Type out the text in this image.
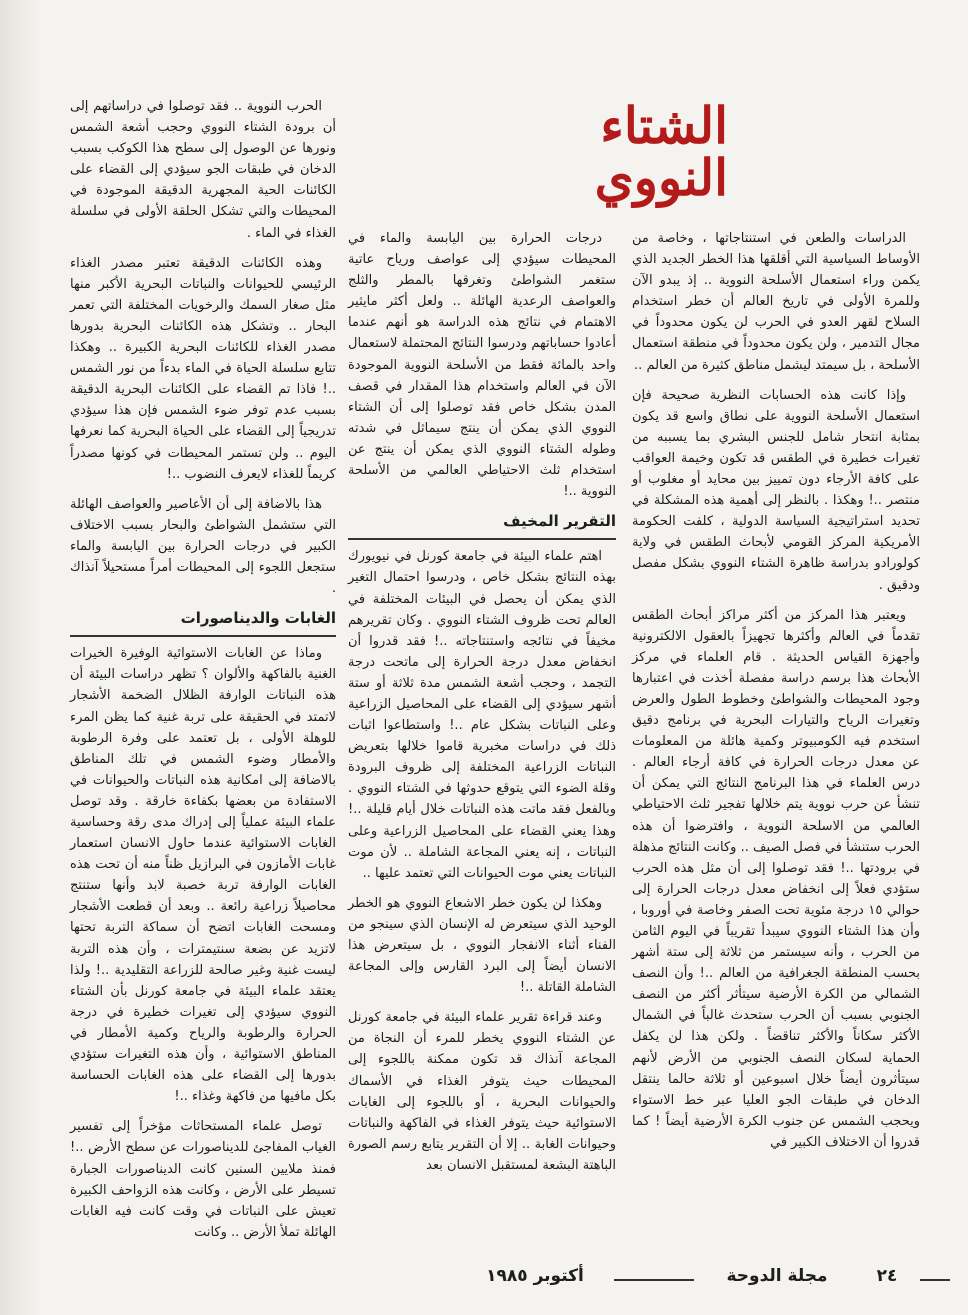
الشتاء
النووي

الدراسات والطعن في استنتاجاتها ، وخاصة من الأوساط السياسية التي أقلقها هذا الخطر الجديد الذي يكمن وراء استعمال الأسلحة النووية .. إذ يبدو الآن وللمرة الأولى في تاريخ العالم أن خطر استخدام السلاح لقهر العدو في الحرب لن يكون محدوداً في مجال التدمير ، ولن يكون محدوداً في منطقة استعمال الأسلحة ، بل سيمتد ليشمل مناطق كثيرة من العالم ..

وإذا كانت هذه الحسابات النظرية صحيحة فإن استعمال الأسلحة النووية على نطاق واسع قد يكون بمثابة انتحار شامل للجنس البشري بما يسببه من تغيرات خطيرة في الطقس قد تكون وخيمة العواقب على كافة الأرجاء دون تمييز بين محايد أو مغلوب أو منتصر ..! وهكذا . بالنظر إلى أهمية هذه المشكلة في تحديد استراتيجية السياسة الدولية ، كلفت الحكومة الأمريكية المركز القومي لأبحاث الطقس في ولاية كولورادو بدراسة ظاهرة الشتاء النووي بشكل مفصل ودقيق .

ويعتبر هذا المركز من أكثر مراكز أبحاث الطقس تقدماً في العالم وأكثرها تجهيزاً بالعقول الالكترونية وأجهزة القياس الحديثة . قام العلماء في مركز الأبحاث هذا برسم دراسة مفصلة أخذت في اعتبارها وجود المحيطات والشواطئ وخطوط الطول والعرض وتغيرات الرياح والتيارات البحرية في برنامج دقيق استخدم فيه الكومبيوتر وكمية هائلة من المعلومات عن معدل درجات الحرارة في كافة أرجاء العالم . درس العلماء في هذا البرنامج النتائج التي يمكن أن تنشأ عن حرب نووية يتم خلالها تفجير ثلث الاحتياطي العالمي من الاسلحة النووية ، وافترضوا أن هذه الحرب ستنشأ في فصل الصيف .. وكانت النتائج مذهلة في برودتها ..! فقد توصلوا إلى أن مثل هذه الحرب ستؤدي فعلاً إلى انخفاض معدل درجات الحرارة إلى حوالي ١٥ درجة مئوية تحت الصفر وخاصة في أوروبا ، وأن هذا الشتاء النووي سيبدأ تقريباً في اليوم الثامن من الحرب ، وأنه سيستمر من ثلاثة إلى ستة أشهر بحسب المنطقة الجغرافية من العالم ..! وأن النصف الشمالي من الكرة الأرضية سيتأثر أكثر من النصف الجنوبي بسبب أن الحرب ستحدث غالباً في الشمال الأكثر سكاناً والأكثر تناقضاً . ولكن هذا لن يكفل الحماية لسكان النصف الجنوبي من الأرض لأنهم سيتأثرون أيضاً خلال اسبوعين أو ثلاثة حالما ينتقل الدخان في طبقات الجو العليا عبر خط الاستواء ويحجب الشمس عن جنوب الكرة الأرضية أيضاً ! كما قدروا أن الاختلاف الكبير في

درجات الحرارة بين اليابسة والماء في المحيطات سيؤدي إلى عواصف ورياح عاتية ستغمر الشواطئ وتغرقها بالمطر والثلج والعواصف الرعدية الهائلة .. ولعل أكثر مايثير الاهتمام في نتائج هذه الدراسة هو أنهم عندما أعادوا حساباتهم ودرسوا النتائج المحتملة لاستعمال واحد بالمائة فقط من الأسلحة النووية الموجودة الآن في العالم واستخدام هذا المقدار في قصف المدن بشكل خاص فقد توصلوا إلى أن الشتاء النووي الذي يمكن أن ينتج سيماثل في شدته وطوله الشتاء النووي الذي يمكن أن ينتج عن استخدام ثلث الاحتياطي العالمي من الأسلحة النووية ..!

التقرير المخيف

اهتم علماء البيئة في جامعة كورنل في نيويورك بهذه النتائج بشكل خاص ، ودرسوا احتمال التغير الذي يمكن أن يحصل في البيئات المختلفة في العالم تحت ظروف الشتاء النووي . وكان تقريرهم مخيفاً في نتائجه واستنتاجاته ..! فقد قدروا أن انخفاض معدل درجة الحرارة إلى ماتحت درجة التجمد ، وحجب أشعة الشمس مدة ثلاثة أو ستة أشهر سيؤدي إلى القضاء على المحاصيل الزراعية وعلى النباتات بشكل عام ..! واستطاعوا اثبات ذلك في دراسات مخبرية قاموا خلالها بتعريض النباتات الزراعية المختلفة إلى ظروف البرودة وقلة الضوء التي يتوقع حدوثها في الشتاء النووي . وبالفعل فقد ماتت هذه النباتات خلال أيام قليلة ..! وهذا يعني القضاء على المحاصيل الزراعية وعلى النباتات ، إنه يعني المجاعة الشاملة .. لأن موت النباتات يعني موت الحيوانات التي تعتمد عليها ..

وهكذا لن يكون خطر الاشعاع النووي هو الخطر الوحيد الذي سيتعرض له الإنسان الذي سينجو من الفناء أثناء الانفجار النووي ، بل سيتعرض هذا الانسان أيضاً إلى البرد القارس وإلى المجاعة الشاملة القاتلة ..!

وعند قراءة تقرير علماء البيئة في جامعة كورنل عن الشتاء النووي يخطر للمرء أن النجاة من المجاعة آنذاك قد تكون ممكنة باللجوء إلى المحيطات حيث يتوفر الغذاء في الأسماك والحيوانات البحرية ، أو باللجوء إلى الغابات الاستوائية حيث يتوفر الغذاء في الفاكهة والنباتات وحيوانات الغابة .. إلا أن التقرير يتابع رسم الصورة الباهتة البشعة لمستقبل الانسان بعد

الحرب النووية .. فقد توصلوا في دراساتهم إلى أن برودة الشتاء النووي وحجب أشعة الشمس ونورها عن الوصول إلى سطح هذا الكوكب بسبب الدخان في طبقات الجو سيؤدي إلى القضاء على الكائنات الحية المجهرية الدقيقة الموجودة في المحيطات والتي تشكل الحلقة الأولى في سلسلة الغذاء في الماء .

وهذه الكائنات الدقيقة تعتبر مصدر الغذاء الرئيسي للحيوانات والنباتات البحرية الأكبر منها مثل صغار السمك والرخويات المختلفة التي تعمر البحار .. وتشكل هذه الكائنات البحرية بدورها مصدر الغذاء للكائنات البحرية الكبيرة .. وهكذا تتابع سلسلة الحياة في الماء بدءاً من نور الشمس ..! فاذا تم القضاء على الكائنات البحرية الدقيقة بسبب عدم توفر ضوء الشمس فإن هذا سيؤدي تدريجياً إلى القضاء على الحياة البحرية كما نعرفها اليوم .. ولن تستمر المحيطات في كونها مصدراً كريماً للغذاء لايعرف النضوب ..!

هذا بالاضافة إلى أن الأعاصير والعواصف الهائلة التي ستشمل الشواطئ والبحار بسبب الاختلاف الكبير في درجات الحرارة بين اليابسة والماء ستجعل اللجوء إلى المحيطات أمراً مستحيلاً آنذاك .

الغابات والديناصورات

وماذا عن الغابات الاستوائية الوفيرة الخيرات الغنية بالفاكهة والألوان ؟ تظهر دراسات البيئة أن هذه النباتات الوارفة الظلال الضخمة الأشجار لاتمتد في الحقيقة على تربة غنية كما يظن المرء للوهلة الأولى ، بل تعتمد على وفرة الرطوبة والأمطار وضوء الشمس في تلك المناطق بالاضافة إلى امكانية هذه النباتات والحيوانات في الاستفادة من بعضها بكفاءة خارقة . وقد توصل علماء البيئة عملياً إلى إدراك مدى رقة وحساسية الغابات الاستوائية عندما حاول الانسان استعمار غابات الأمازون في البرازيل ظناً منه أن تحت هذه الغابات الوارفة تربة خصبة لابد وأنها ستنتج محاصيلاً زراعية رائعة .. وبعد أن قطعت الأشجار ومسحت الغابات اتضح أن سماكة التربة تحتها لاتزيد عن بضعة سنتيمترات ، وأن هذه التربة ليست غنية وغير صالحة للزراعة التقليدية ..! ولذا يعتقد علماء البيئة في جامعة كورنل بأن الشتاء النووي سيؤدي إلى تغيرات خطيرة في درجة الحرارة والرطوبة والرياح وكمية الأمطار في المناطق الاستوائية ، وأن هذه التغيرات ستؤدي بدورها إلى القضاء على هذه الغابات الحساسة بكل مافيها من فاكهة وغذاء ..!

توصل علماء المستحاثات مؤخراً إلى تفسير الغياب المفاجئ للديناصورات عن سطح الأرض ..! فمنذ ملايين السنين كانت الديناصورات الجبارة تسيطر على الأرض ، وكانت هذه الزواحف الكبيرة تعيش على النباتات في وقت كانت فيه الغابات الهائلة تملأ الأرض .. وكانت

٢٤
مجلة الدوحة
أكتوبر ١٩٨٥
